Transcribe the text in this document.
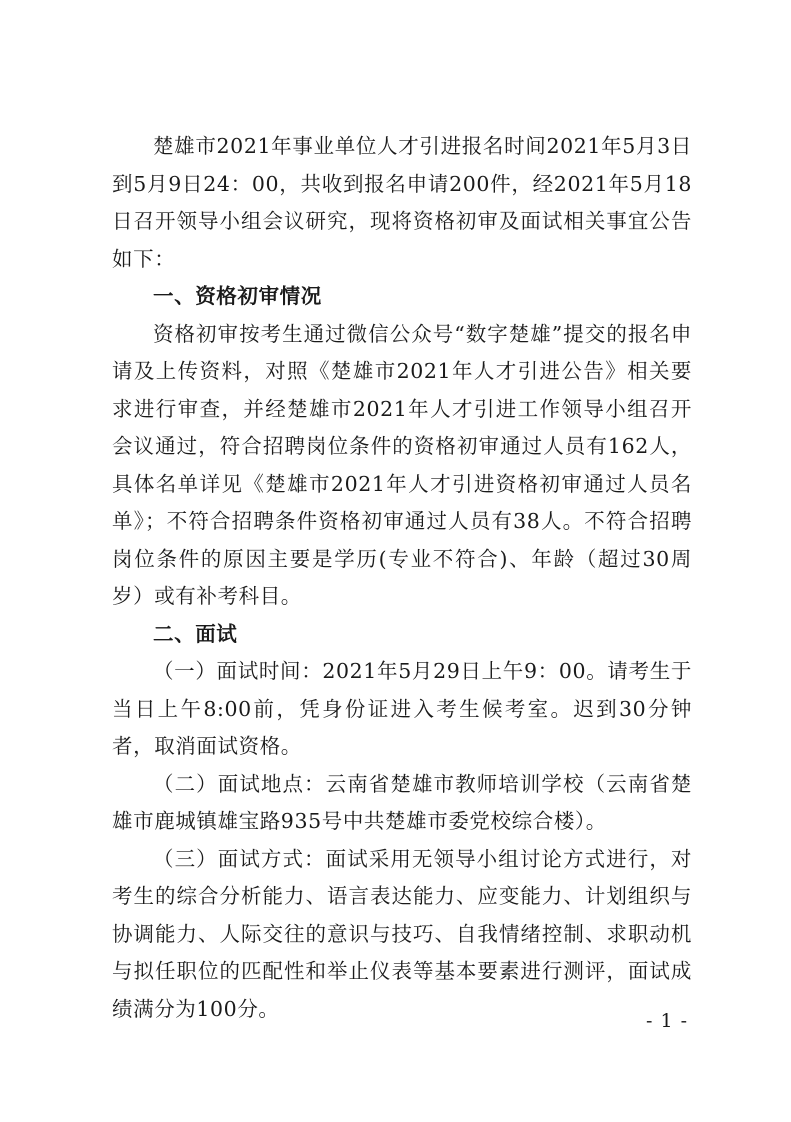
楚雄市2021年事业单位人才引进报名时间2021年5月3日到5月9日24：00，共收到报名申请200件，经2021年5月18日召开领导小组会议研究，现将资格初审及面试相关事宜公告如下：

一、资格初审情况

资格初审按考生通过微信公众号“数字楚雄”提交的报名申请及上传资料，对照《楚雄市2021年人才引进公告》相关要求进行审查，并经楚雄市2021年人才引进工作领导小组召开会议通过，符合招聘岗位条件的资格初审通过人员有162人，具体名单详见《楚雄市2021年人才引进资格初审通过人员名单》；不符合招聘条件资格初审通过人员有38人。不符合招聘岗位条件的原因主要是学历(专业不符合)、年龄（超过30周岁）或有补考科目。

二、面试

（一）面试时间：2021年5月29日上午9：00。请考生于当日上午8:00前，凭身份证进入考生候考室。迟到30分钟者，取消面试资格。

（二）面试地点：云南省楚雄市教师培训学校（云南省楚雄市鹿城镇雄宝路935号中共楚雄市委党校综合楼）。

（三）面试方式：面试采用无领导小组讨论方式进行，对考生的综合分析能力、语言表达能力、应变能力、计划组织与协调能力、人际交往的意识与技巧、自我情绪控制、求职动机与拟任职位的匹配性和举止仪表等基本要素进行测评，面试成绩满分为100分。

- 1 -
